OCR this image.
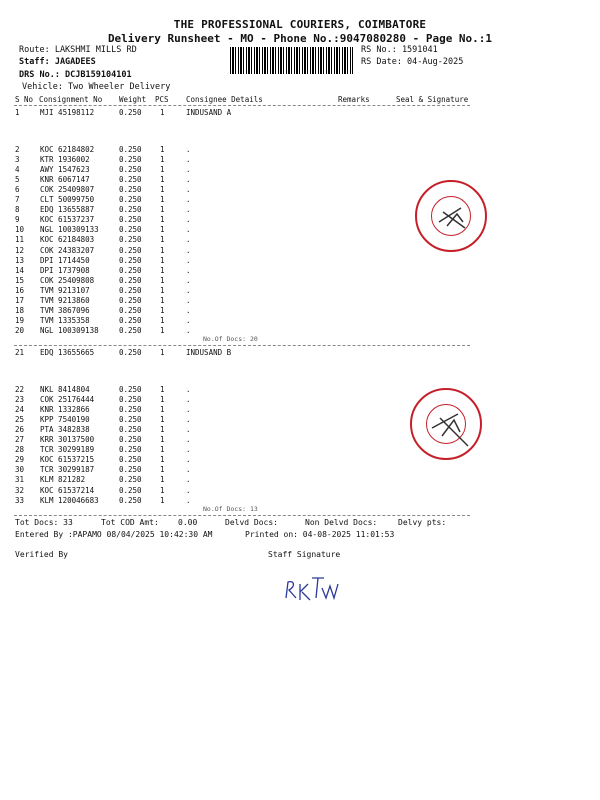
THE PROFESSIONAL COURIERS, COIMBATORE
Delivery Runsheet - MO - Phone No.:9047080280 - Page No.:1
Route: LAKSHMI MILLS RD
Staff: JAGADEES
DRS No.: DCJB159104101
Vehicle: Two Wheeler Delivery
RS No.: 1591041
RS Date: 04-Aug-2025
S No Consignment No Weight PCS Consignee Details	Remarks	Seal & Signature
1	MJI 45198112	0.250 1	INDUSAND A
2	KOC 62184802	0.250 1	.
3	KTR 1936002	0.250 1	.
4	AWY 1547623	0.250 1	.
5	KNR 6067147	0.250 1	.
6	COK 25409807	0.250 1	.
7	CLT 50099750	0.250 1	.
8	EDQ 13655887	0.250 1	.
9	KOC 61537237	0.250 1	.
10 NGL 100309133	0.250 1	.
11 KOC 62184803	0.250 1	.
12 COK 24383207	0.250 1	.
13 DPI 1714450	0.250 1	.
14 DPI 1737908	0.250 1	.
15 COK 25409808	0.250 1	.
16 TVM 9213107	0.250 1	.
17 TVM 9213860	0.250 1	.
18 TVM 3867096	0.250 1	.
19 TVM 1335358	0.250 1	.
20 NGL 100309138	0.250 1	.
21 EDQ 13655665	0.250 1	INDUSAND B
22 NKL 8414804	0.250 1	.
23 COK 25176444	0.250 1	.
24 KNR 1332866	0.250 1	.
25 KPP 7540190	0.250 1	.
26 PTA 3482838	0.250 1	.
27 KRR 30137500	0.250 1	.
28 TCR 30299189	0.250 1	.
29 KOC 61537215	0.250 1	.
30 TCR 30299187	0.250 1	.
31 KLM 821282	0.250 1	.
32 KOC 61537214	0.250 1	.
33 KLM 120046683	0.250 1	.
No.Of Docs: 20
No.Of Docs: 13
Tot Docs: 33	Tot COD Amt: 0.00	Delvd Docs:	Non Delvd Docs:	Delvy pts:
Entered By :PAPAMO 08/04/2025 10:42:30 AM	Printed on: 04-08-2025 11:01:53
Verified By	Staff Signature
